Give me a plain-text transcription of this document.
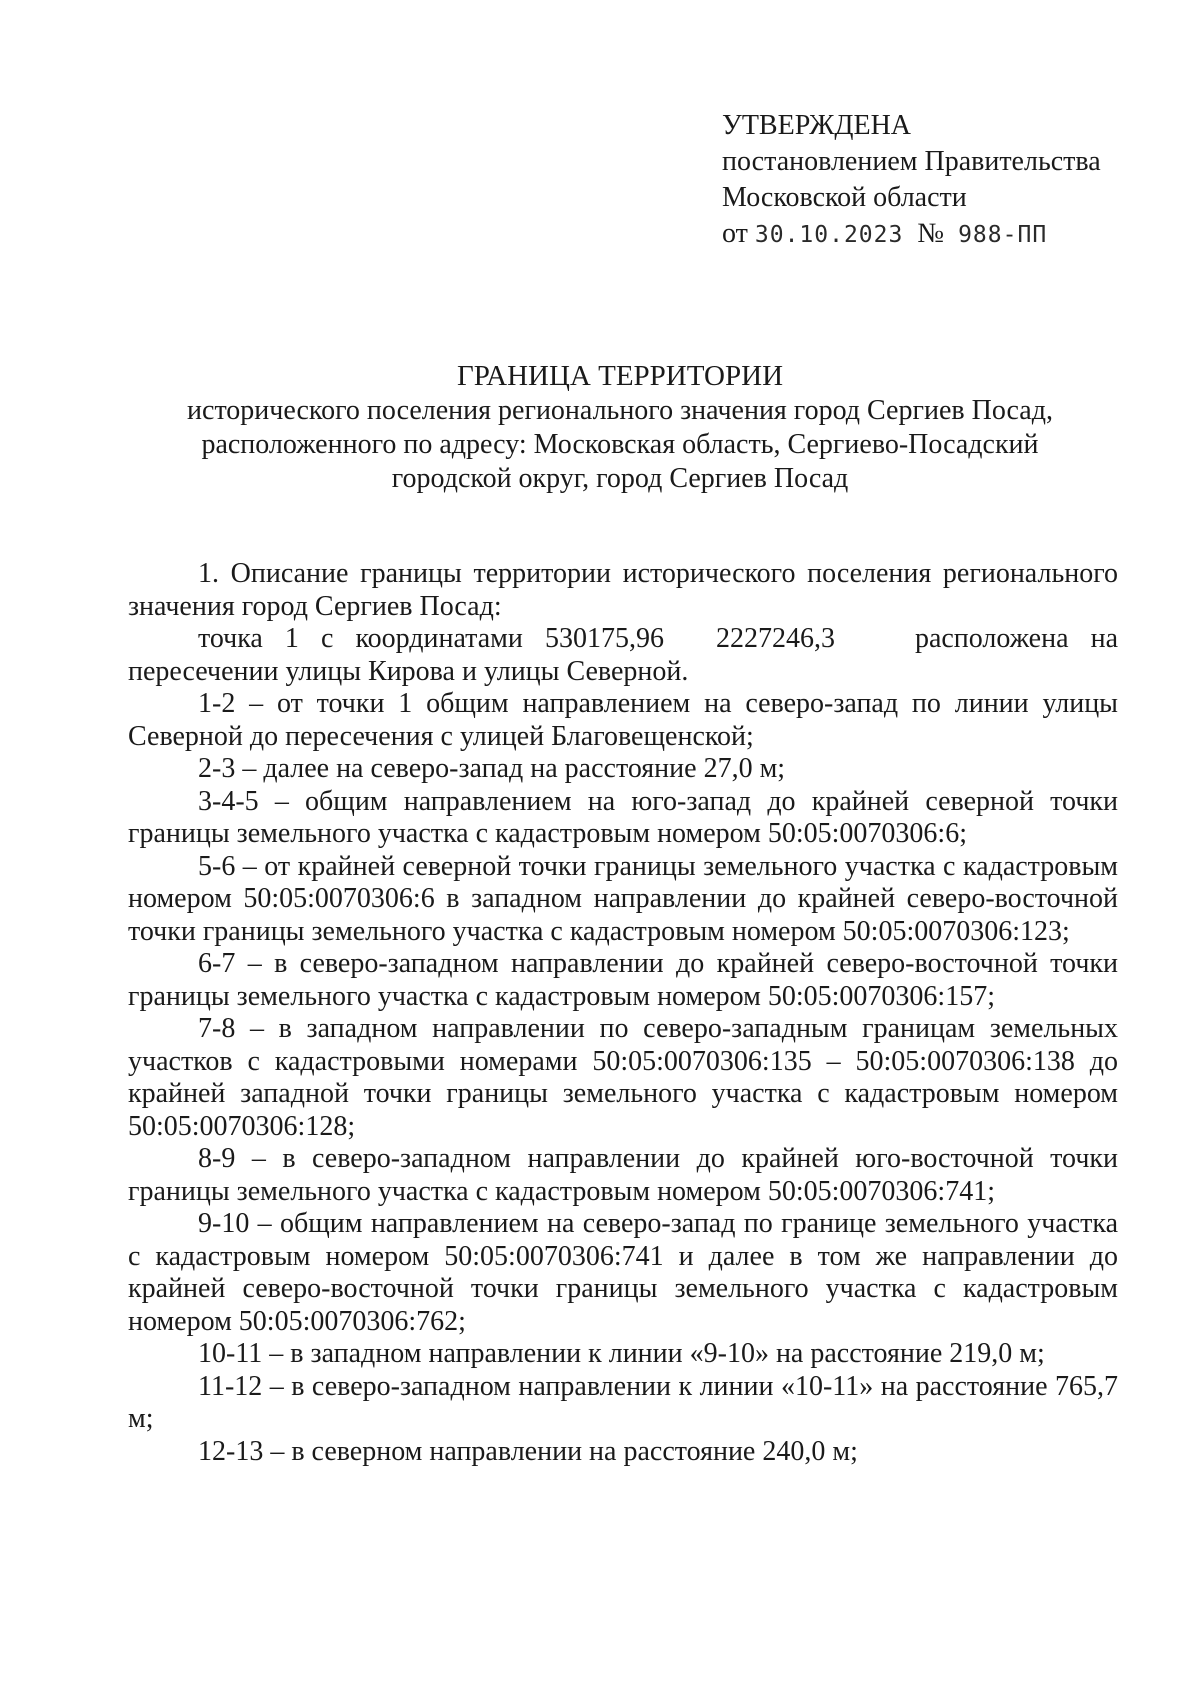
УТВЕРЖДЕНА
постановлением Правительства
Московской области
от 30.10.2023 № 988-ПП
ГРАНИЦА ТЕРРИТОРИИ
исторического поселения регионального значения город Сергиев Посад,
расположенного по адресу: Московская область, Сергиево-Посадский
городской округ, город Сергиев Посад

1. Описание границы территории исторического поселения регионального значения город Сергиев Посад:

точка 1 с координатами 530175,96 2227246,3	расположена на пересечении улицы Кирова и улицы Северной.

1-2 – от точки 1 общим направлением на северо-запад по линии улицы Северной до пересечения с улицей Благовещенской;

2-3 – далее на северо-запад на расстояние 27,0 м;

3-4-5 – общим направлением на юго-запад до крайней северной точки границы земельного участка с кадастровым номером 50:05:0070306:6;

5-6 – от крайней северной точки границы земельного участка с кадастровым номером 50:05:0070306:6 в западном направлении до крайней северо-восточной точки границы земельного участка с кадастровым номером 50:05:0070306:123;

6-7 – в северо-западном направлении до крайней северо-восточной точки границы земельного участка с кадастровым номером 50:05:0070306:157;

7-8 – в западном направлении по северо-западным границам земельных участков с кадастровыми номерами 50:05:0070306:135 – 50:05:0070306:138 до крайней западной точки границы земельного участка с кадастровым номером 50:05:0070306:128;

8-9 – в северо-западном направлении до крайней юго-восточной точки границы земельного участка с кадастровым номером 50:05:0070306:741;

9-10 – общим направлением на северо-запад по границе земельного участка с кадастровым номером 50:05:0070306:741 и далее в том же направлении до крайней северо-восточной точки границы земельного участка с кадастровым номером 50:05:0070306:762;

10-11 – в западном направлении к линии «9-10» на расстояние 219,0 м;

11-12 – в северо-западном направлении к линии «10-11» на расстояние 765,7 м;

12-13 – в северном направлении на расстояние 240,0 м;
